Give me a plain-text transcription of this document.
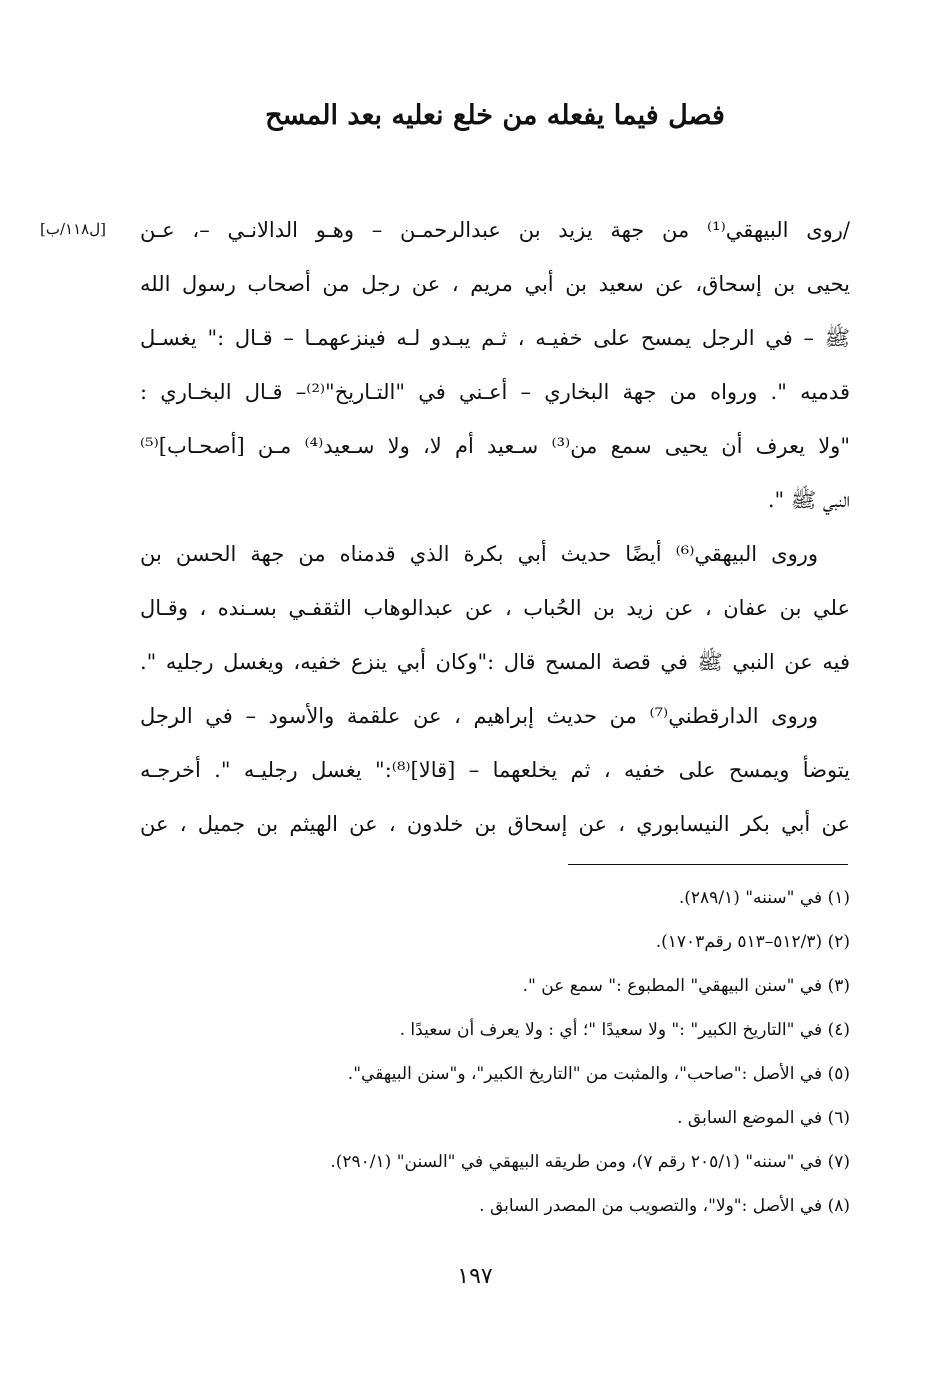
فصل فيما يفعله من خلع نعليه بعد المسح
[ل١١٨/ب]	/روى البيهقي⁽¹⁾ من جهة يزيد بن عبدالرحمـن – وهـو الدالانـي –، عـن
يحيى بن إسحاق، عن سعيد بن أبي مريم ، عن رجل من أصحاب رسول الله
ﷺ – في الرجل يمسح على خفيـه ، ثـم يبـدو لـه فينزعهمـا – قـال :" يغسـل
قدميه ". ورواه من جهة البخاري – أعـني في "التـاريخ"⁽²⁾– قـال البخـاري :
"ولا يعرف أن يحيى سمع من⁽³⁾ سـعيد أم لا، ولا سـعيد⁽⁴⁾ مـن [أصحـاب]⁽⁵⁾
النبي ﷺ ".
وروى البيهقي⁽⁶⁾ أيضًا حديث أبي بكرة الذي قدمناه من جهة الحسن بن
علي بن عفان ، عن زيد بن الحُباب ، عن عبدالوهاب الثقفـي بسـنده ، وقـال
فيه عن النبي ﷺ في قصة المسح قال :"وكان أبي ينزع خفيه، ويغسل رجليه ".
وروى الدارقطني⁽⁷⁾ من حديث إبراهيم ، عن علقمة والأسود – في الرجل
يتوضأ ويمسح على خفيه ، ثم يخلعهما – [قالا]⁽⁸⁾:" يغسل رجليـه ". أخرجـه
عن أبي بكر النيسابوري ، عن إسحاق بن خلدون ، عن الهيثم بن جميل ، عن
(١) في "سننه" (٢٨٩/١).
(٢) (٥١٢/٣–٥١٣ رقم١٧٠٣).
(٣) في "سنن البيهقي" المطبوع :" سمع عن ".
(٤) في "التاريخ الكبير" :" ولا سعيدًا "؛ أي : ولا يعرف أن سعيدًا .
(٥) في الأصل :"صاحب"، والمثبت من "التاريخ الكبير"، و"سنن البيهقي".
(٦) في الموضع السابق .
(٧) في "سننه" (٢٠٥/١ رقم ٧)، ومن طريقه البيهقي في "السنن" (٢٩٠/١).
(٨) في الأصل :"ولا"، والتصويب من المصدر السابق .
١٩٧
